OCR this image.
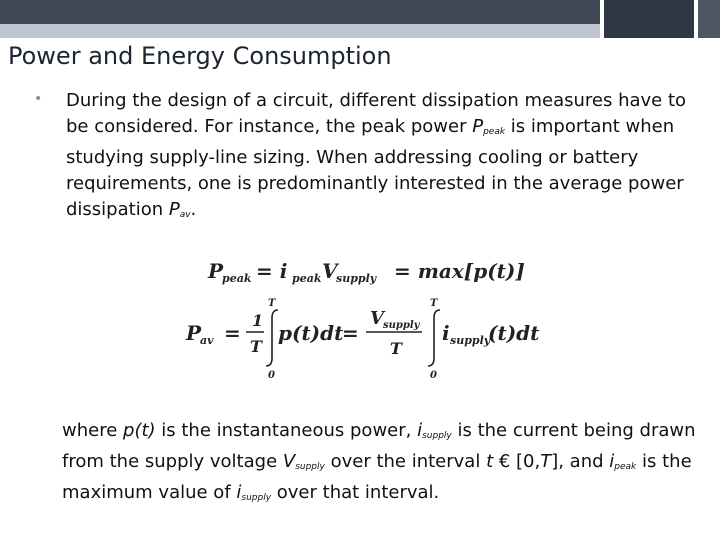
Power and Energy Consumption
• During the design of a circuit, different dissipation measures have to be considered. For instance, the peak power $P_{peak}$ is important when studying supply-line sizing. When addressing cooling or battery requirements, one is predominantly interested in the average power dissipation $P_{av}$.
P
peak = i peak V
supply = max[p(t)]
P
av =
1
T
T
0
p(t)dt
=
V supply
T
T
0
i supply
(t)dt
where p(t) is the instantaneous power, $i_{supply}$ is the current being drawn from the supply voltage $V_{supply}$ over the interval t € [0,T], and $i_{peak}$ is the maximum value of $i_{supply}$ over that interval.
